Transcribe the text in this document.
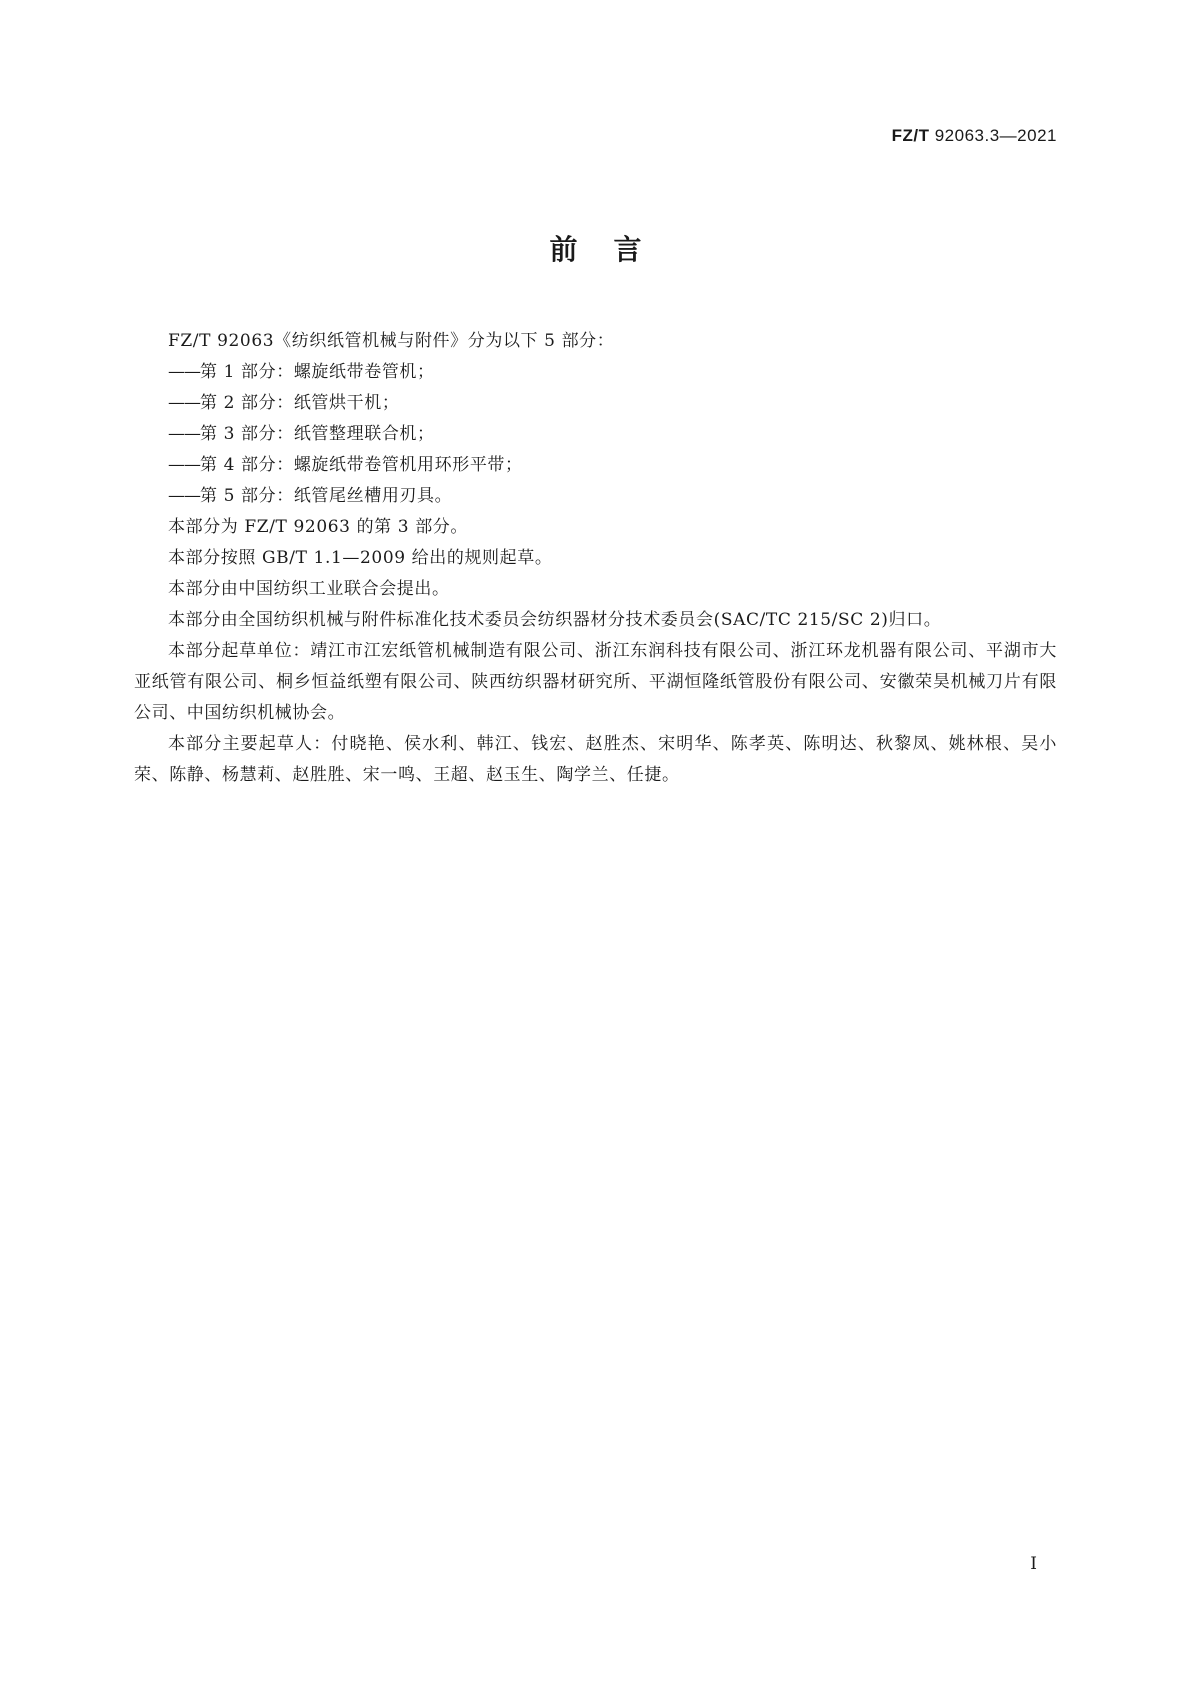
FZ/T 92063.3—2021
前言

FZ/T 92063《纺织纸管机械与附件》分为以下 5 部分：

——第 1 部分：螺旋纸带卷管机；

——第 2 部分：纸管烘干机；

——第 3 部分：纸管整理联合机；

——第 4 部分：螺旋纸带卷管机用环形平带；

——第 5 部分：纸管尾丝槽用刃具。

本部分为 FZ/T 92063 的第 3 部分。

本部分按照 GB/T 1.1—2009 给出的规则起草。

本部分由中国纺织工业联合会提出。

本部分由全国纺织机械与附件标准化技术委员会纺织器材分技术委员会(SAC/TC 215/SC 2)归口。

本部分起草单位：靖江市江宏纸管机械制造有限公司、浙江东润科技有限公司、浙江环龙机器有限公司、平湖市大亚纸管有限公司、桐乡恒益纸塑有限公司、陕西纺织器材研究所、平湖恒隆纸管股份有限公司、安徽荣昊机械刀片有限公司、中国纺织机械协会。

本部分主要起草人：付晓艳、侯水利、韩江、钱宏、赵胜杰、宋明华、陈孝英、陈明达、秋黎凤、姚林根、吴小荣、陈静、杨慧莉、赵胜胜、宋一鸣、王超、赵玉生、陶学兰、任捷。

I
